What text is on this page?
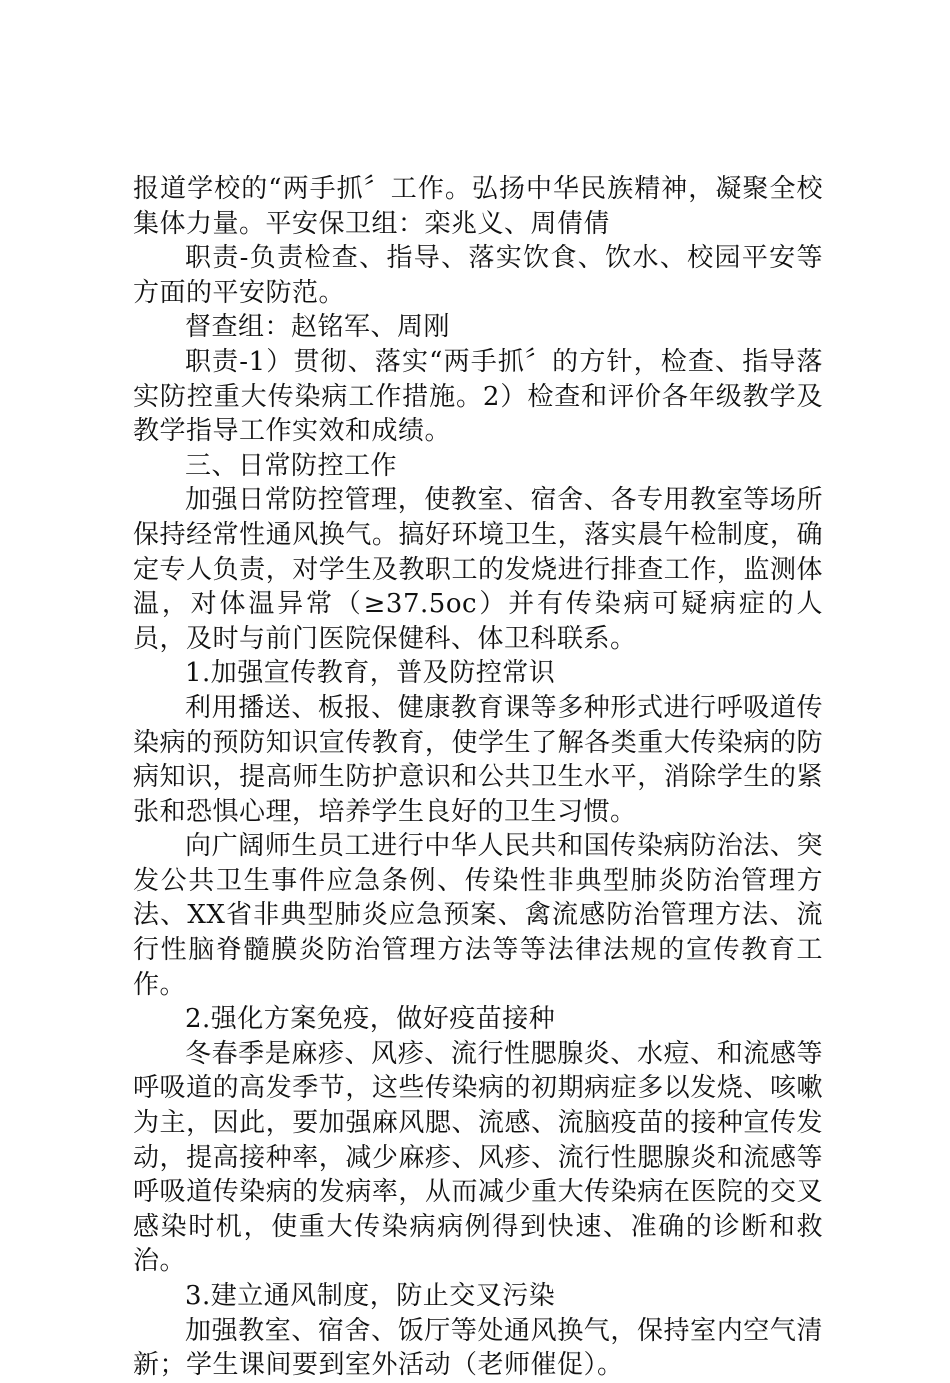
报道学校的“两手抓〞工作。弘扬中华民族精神，凝聚全校集体力量。平安保卫组：栾兆义、周倩倩

职责-负责检查、指导、落实饮食、饮水、校园平安等方面的平安防范。

督查组：赵铭军、周刚

职责-1）贯彻、落实“两手抓〞的方针，检查、指导落实防控重大传染病工作措施。2）检查和评价各年级教学及教学指导工作实效和成绩。

三、日常防控工作

加强日常防控管理，使教室、宿舍、各专用教室等场所保持经常性通风换气。搞好环境卫生，落实晨午检制度，确定专人负责，对学生及教职工的发烧进行排查工作，监测体温，对体温异常（≥37.5oc）并有传染病可疑病症的人员，及时与前门医院保健科、体卫科联系。

1.加强宣传教育，普及防控常识

利用播送、板报、健康教育课等多种形式进行呼吸道传染病的预防知识宣传教育，使学生了解各类重大传染病的防病知识，提高师生防护意识和公共卫生水平，消除学生的紧张和恐惧心理，培养学生良好的卫生习惯。

向广阔师生员工进行中华人民共和国传染病防治法、突发公共卫生事件应急条例、传染性非典型肺炎防治管理方法、XX省非典型肺炎应急预案、禽流感防治管理方法、流行性脑脊髓膜炎防治管理方法等等法律法规的宣传教育工作。

2.强化方案免疫，做好疫苗接种

冬春季是麻疹、风疹、流行性腮腺炎、水痘、和流感等呼吸道的高发季节，这些传染病的初期病症多以发烧、咳嗽为主，因此，要加强麻风腮、流感、流脑疫苗的接种宣传发动，提高接种率，减少麻疹、风疹、流行性腮腺炎和流感等呼吸道传染病的发病率，从而减少重大传染病在医院的交叉感染时机，使重大传染病病例得到快速、准确的诊断和救治。

3.建立通风制度，防止交叉污染

加强教室、宿舍、饭厅等处通风换气，保持室内空气清新；学生课间要到室外活动（老师催促）。
